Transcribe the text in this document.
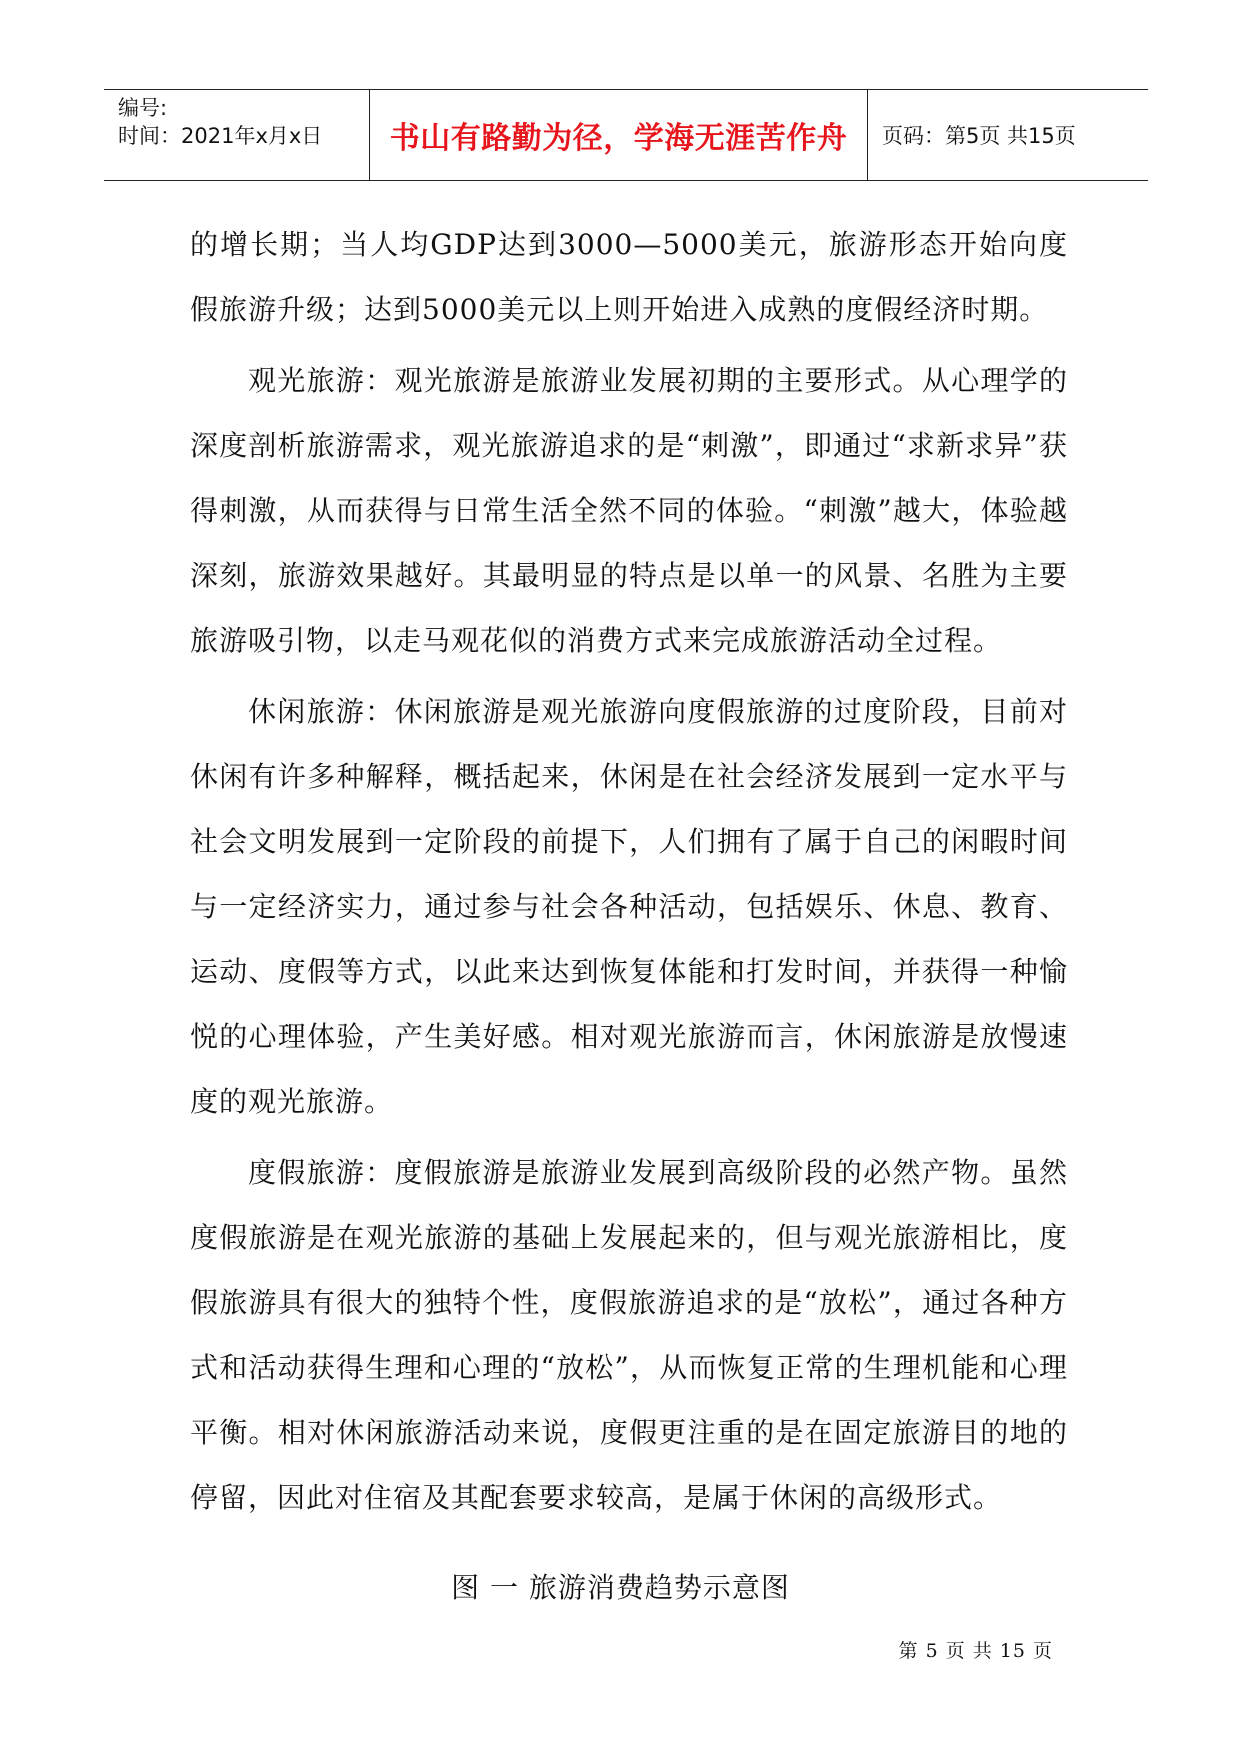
编号:
时间：2021年x月x日	书山有路勤为径，学海无涯苦作舟	页码：第5页 共15页

的增长期；当人均GDP达到3000—5000美元，旅游形态开始向度假旅游升级；达到5000美元以上则开始进入成熟的度假经济时期。

观光旅游：观光旅游是旅游业发展初期的主要形式。从心理学的深度剖析旅游需求，观光旅游追求的是“刺激”，即通过“求新求异”获得刺激，从而获得与日常生活全然不同的体验。“刺激”越大，体验越深刻，旅游效果越好。其最明显的特点是以单一的风景、名胜为主要旅游吸引物，以走马观花似的消费方式来完成旅游活动全过程。

休闲旅游：休闲旅游是观光旅游向度假旅游的过度阶段，目前对休闲有许多种解释，概括起来，休闲是在社会经济发展到一定水平与社会文明发展到一定阶段的前提下，人们拥有了属于自己的闲暇时间与一定经济实力，通过参与社会各种活动，包括娱乐、休息、教育、运动、度假等方式，以此来达到恢复体能和打发时间，并获得一种愉悦的心理体验，产生美好感。相对观光旅游而言，休闲旅游是放慢速度的观光旅游。

度假旅游：度假旅游是旅游业发展到高级阶段的必然产物。虽然度假旅游是在观光旅游的基础上发展起来的，但与观光旅游相比，度假旅游具有很大的独特个性，度假旅游追求的是“放松”，通过各种方式和活动获得生理和心理的“放松”，从而恢复正常的生理机能和心理平衡。相对休闲旅游活动来说，度假更注重的是在固定旅游目的地的停留，因此对住宿及其配套要求较高，是属于休闲的高级形式。

图 一 旅游消费趋势示意图
第 5 页 共 15 页
